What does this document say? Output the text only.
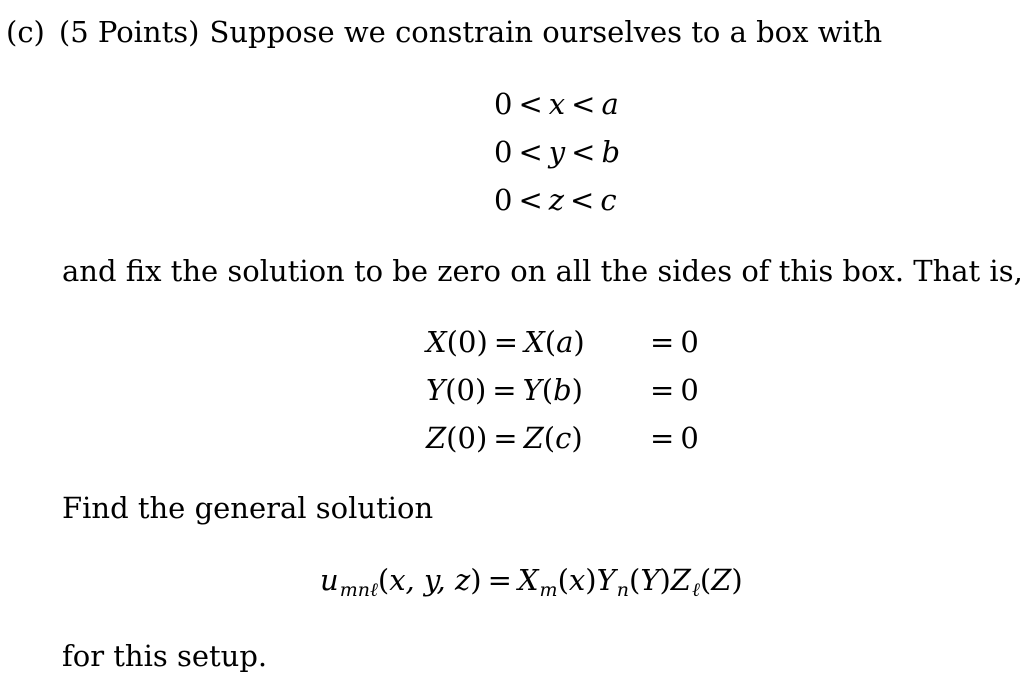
(c) (5 Points) Suppose we constrain ourselves to a box with
0 < x < a
0 < y < b
0 < z < c
and fix the solution to be zero on all the sides of this box. That is,
X(0) = X(a) = 0
Y(0) = Y(b) = 0
Z(0) = Z(c) = 0
Find the general solution
$u_{mn\ell}(x$, y, $z) = X_m(x)Y_n(Y)Z_\ell(Z)$
for this setup.
